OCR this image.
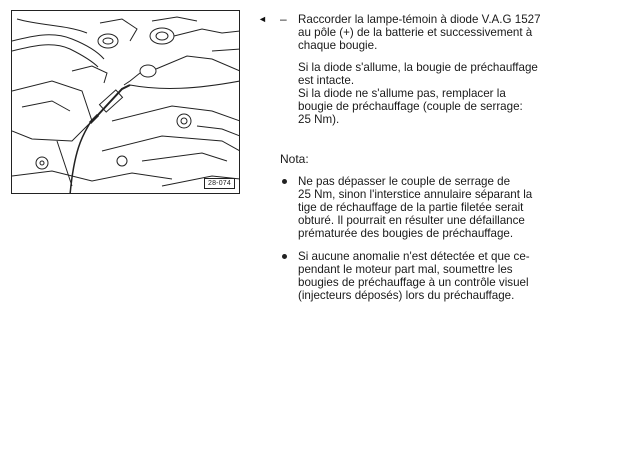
28-074
◄ – Raccorder la lampe-témoin à diode V.A.G 1527

au pôle (+) de la batterie et successivement à

chaque bougie.

Si la diode s'allume, la bougie de préchauffage

est intacte.

Si la diode ne s'allume pas, remplacer la

bougie de préchauffage (couple de serrage:

25 Nm).

Nota:
Ne pas dépasser le couple de serrage de
25 Nm, sinon l'interstice annulaire séparant la
tige de réchauffage de la partie filetée serait
obturé. Il pourrait en résulter une défaillance
prématurée des bougies de préchauffage.
Si aucune anomalie n'est détectée et que ce-
pendant le moteur part mal, soumettre les
bougies de préchauffage à un contrôle visuel
(injecteurs déposés) lors du préchauffage.
